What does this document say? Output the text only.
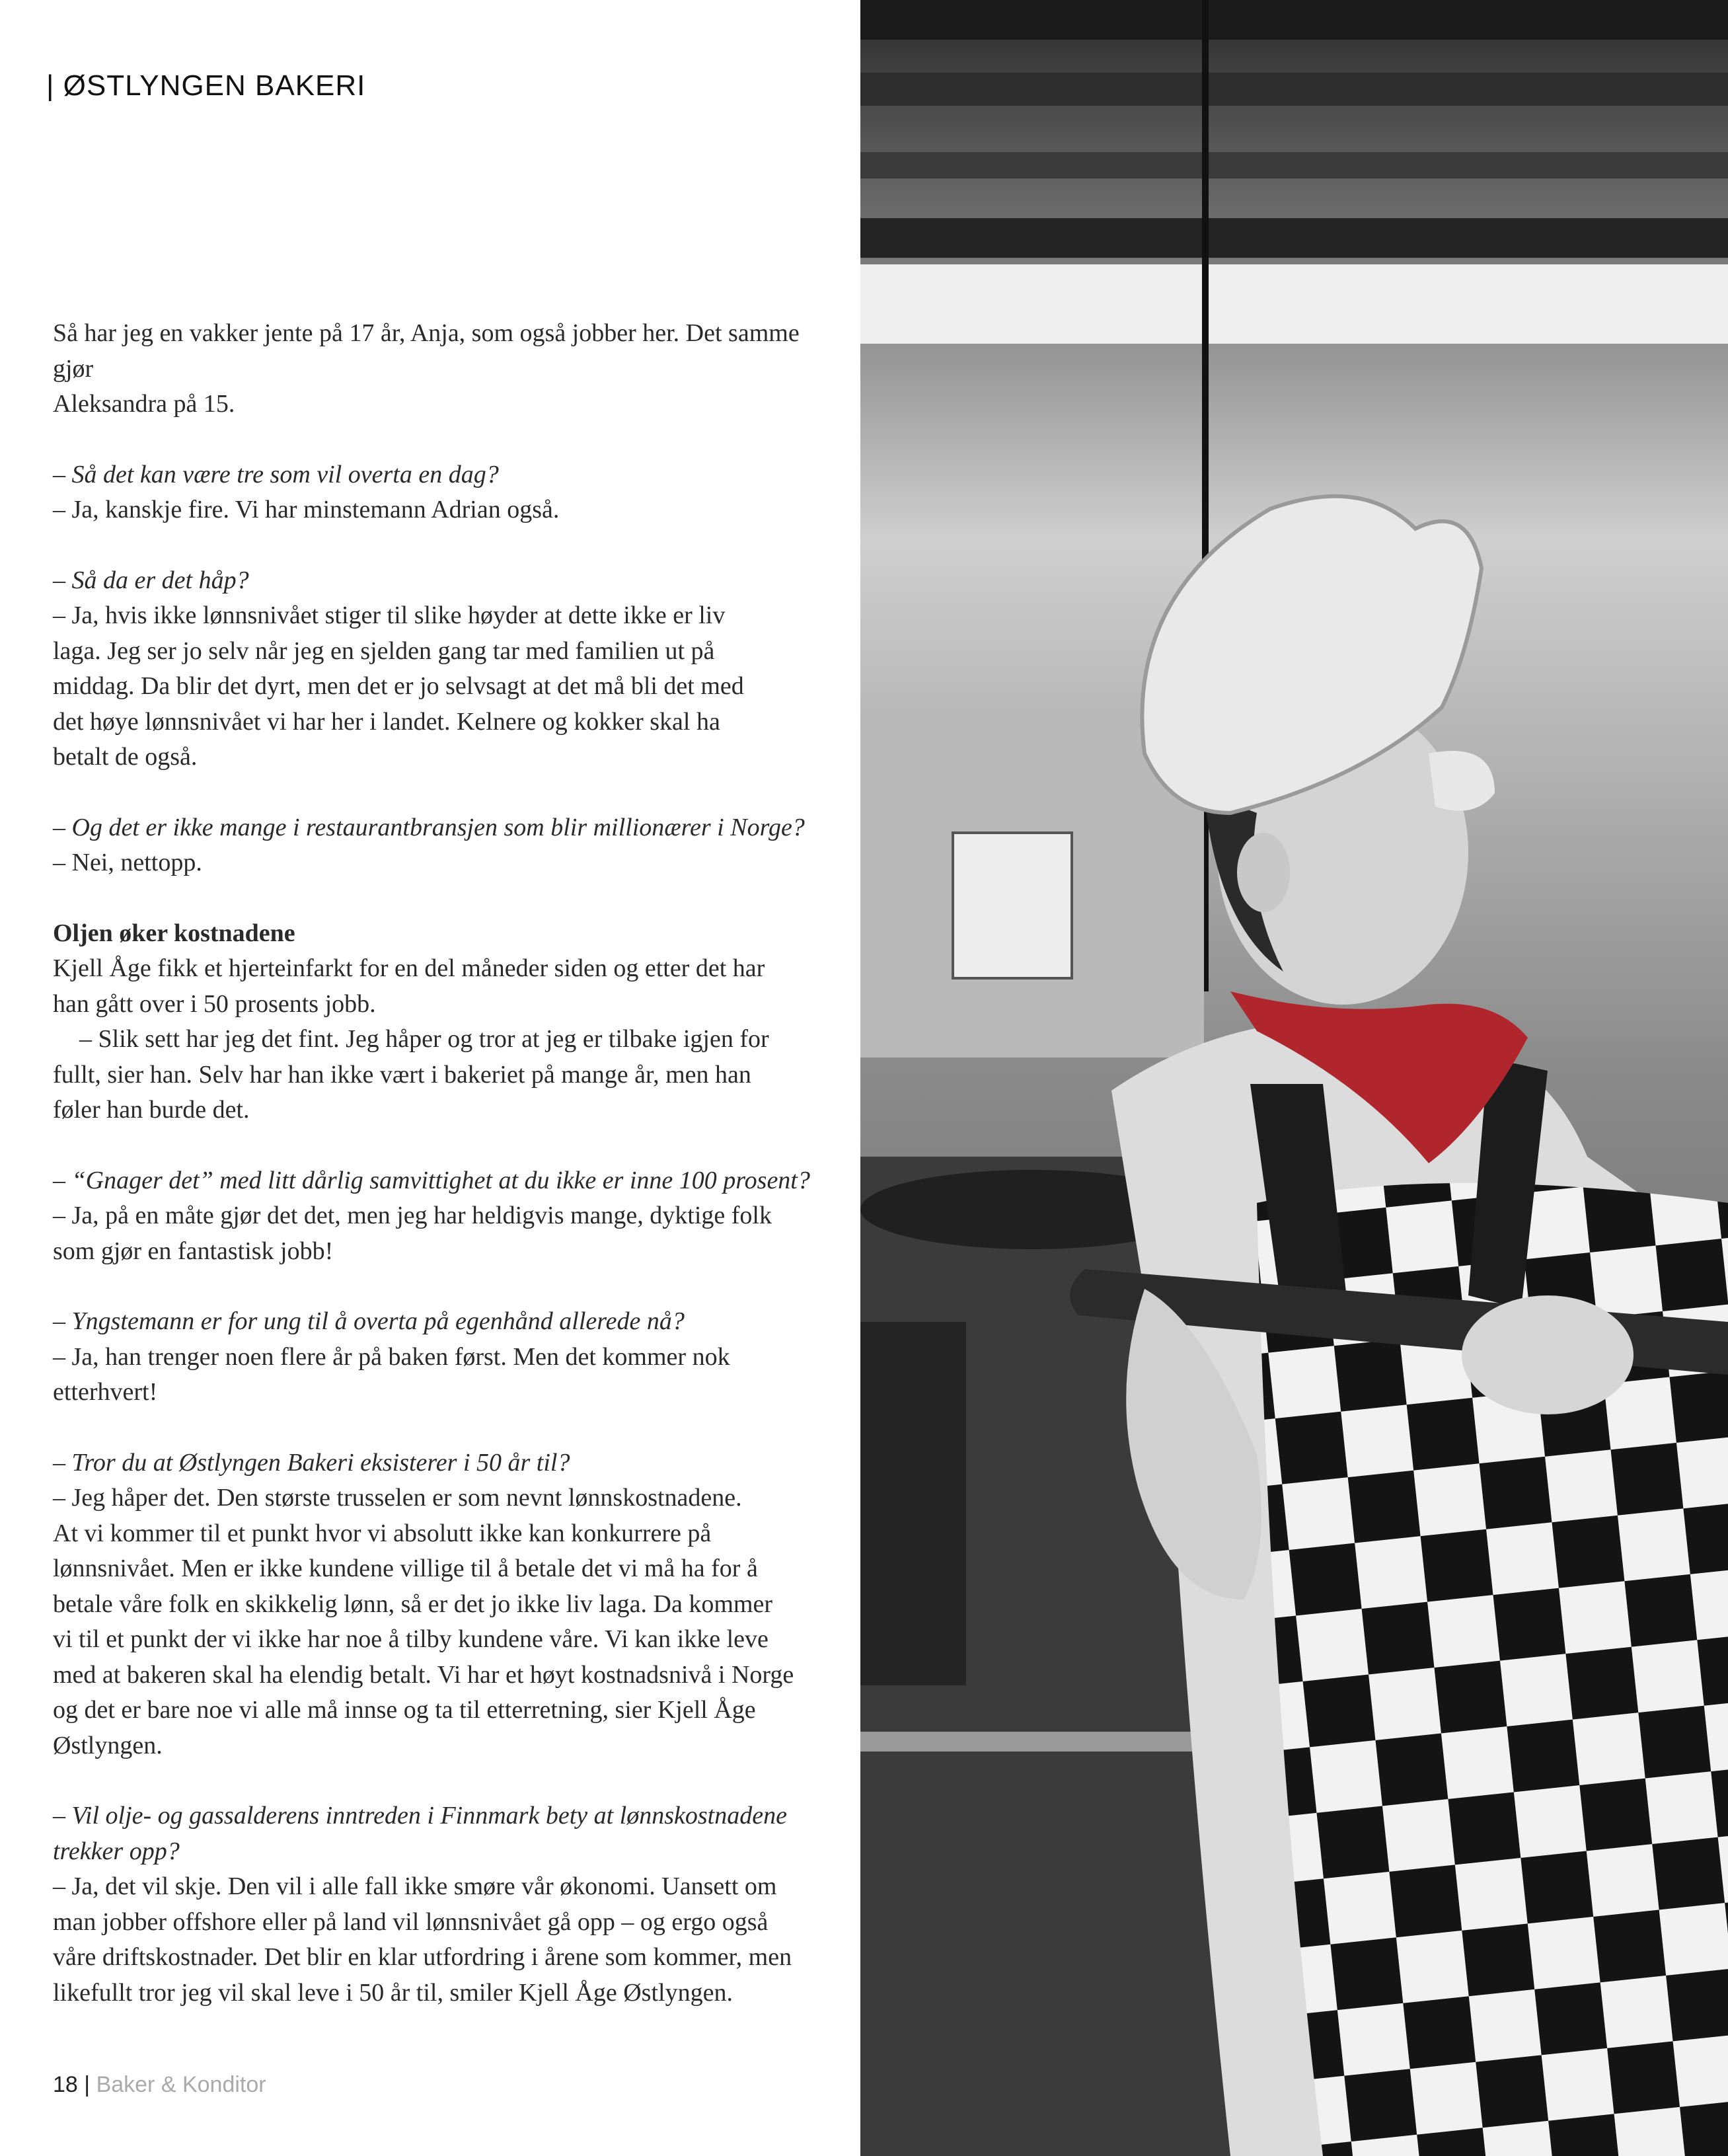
| ØSTLYNGEN BAKERI

Så har jeg en vakker jente på 17 år, Anja, som også jobber her. Det samme gjør
Aleksandra på 15.

– Så det kan være tre som vil overta en dag?
– Ja, kanskje fire. Vi har minstemann Adrian også.

– Så da er det håp?
– Ja, hvis ikke lønnsnivået stiger til slike høyder at dette ikke er liv
laga. Jeg ser jo selv når jeg en sjelden gang tar med familien ut på
middag. Da blir det dyrt, men det er jo selvsagt at det må bli det med
det høye lønnsnivået vi har her i landet. Kelnere og kokker skal ha
betalt de også.

– Og det er ikke mange i restaurantbransjen som blir millionærer i Norge?
– Nei, nettopp.

Oljen øker kostnadene
Kjell Åge fikk et hjerteinfarkt for en del måneder siden og etter det har
han gått over i 50 prosents jobb.
– Slik sett har jeg det fint. Jeg håper og tror at jeg er tilbake igjen for
fullt, sier han. Selv har han ikke vært i bakeriet på mange år, men han
føler han burde det.

– “Gnager det” med litt dårlig samvittighet at du ikke er inne 100 prosent?
– Ja, på en måte gjør det det, men jeg har heldigvis mange, dyktige folk
som gjør en fantastisk jobb!

– Yngstemann er for ung til å overta på egenhånd allerede nå?
– Ja, han trenger noen flere år på baken først. Men det kommer nok
etterhvert!

– Tror du at Østlyngen Bakeri eksisterer i 50 år til?
– Jeg håper det. Den største trusselen er som nevnt lønnskostnadene.
At vi kommer til et punkt hvor vi absolutt ikke kan konkurrere på
lønnsnivået. Men er ikke kundene villige til å betale det vi må ha for å
betale våre folk en skikkelig lønn, så er det jo ikke liv laga. Da kommer
vi til et punkt der vi ikke har noe å tilby kundene våre. Vi kan ikke leve
med at bakeren skal ha elendig betalt. Vi har et høyt kostnadsnivå i Norge
og det er bare noe vi alle må innse og ta til etterretning, sier Kjell Åge
Østlyngen.

– Vil olje- og gassalderens inntreden i Finnmark bety at lønnskostnadene
trekker opp?
– Ja, det vil skje. Den vil i alle fall ikke smøre vår økonomi. Uansett om
man jobber offshore eller på land vil lønnsnivået gå opp – og ergo også
våre driftskostnader. Det blir en klar utfordring i årene som kommer, men
likefullt tror jeg vil skal leve i 50 år til, smiler Kjell Åge Østlyngen.

18 | Baker & Konditor
